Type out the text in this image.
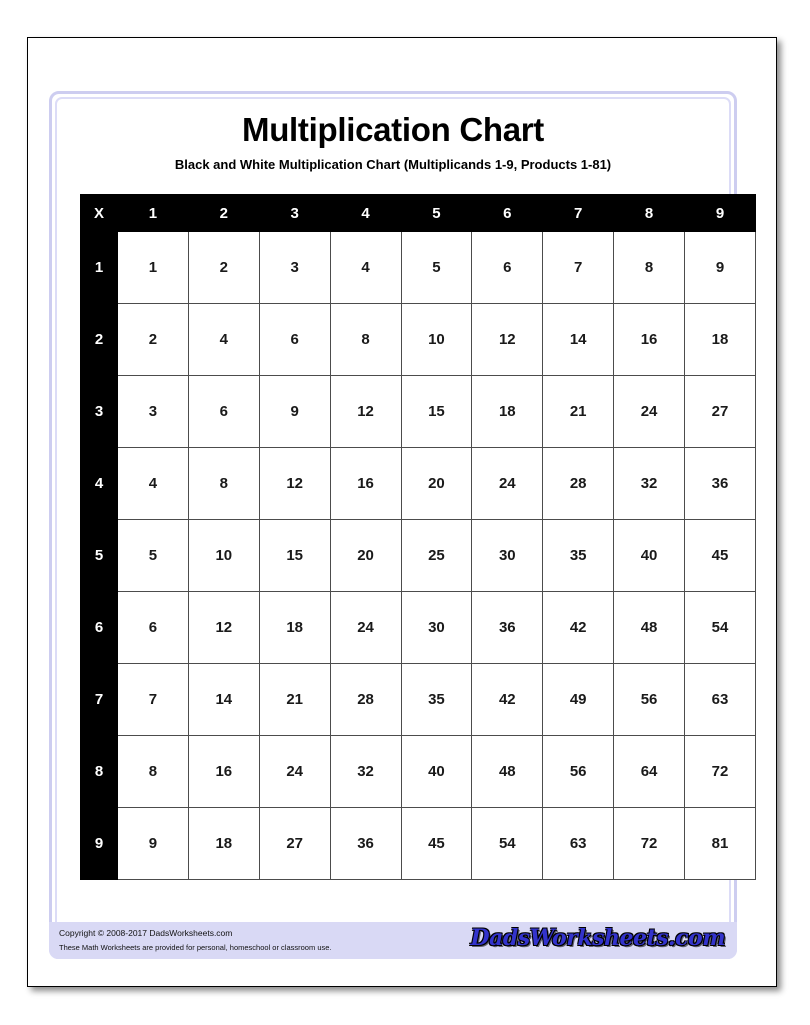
Multiplication Chart
Black and White Multiplication Chart (Multiplicands 1-9, Products 1-81)
X	1	2	3	4	5	6	7	8	9
1	1	2	3	4	5	6	7	8	9
2	2	4	6	8	10	12	14	16	18
3	3	6	9	12	15	18	21	24	27
4	4	8	12	16	20	24	28	32	36
5	5	10	15	20	25	30	35	40	45
6	6	12	18	24	30	36	42	48	54
7	7	14	21	28	35	42	49	56	63
8	8	16	24	32	40	48	56	64	72
9	9	18	27	36	45	54	63	72	81
Copyright © 2008-2017 DadsWorksheets.com
These Math Worksheets are provided for personal, homeschool or classroom use.	DadsWorksheets.com
